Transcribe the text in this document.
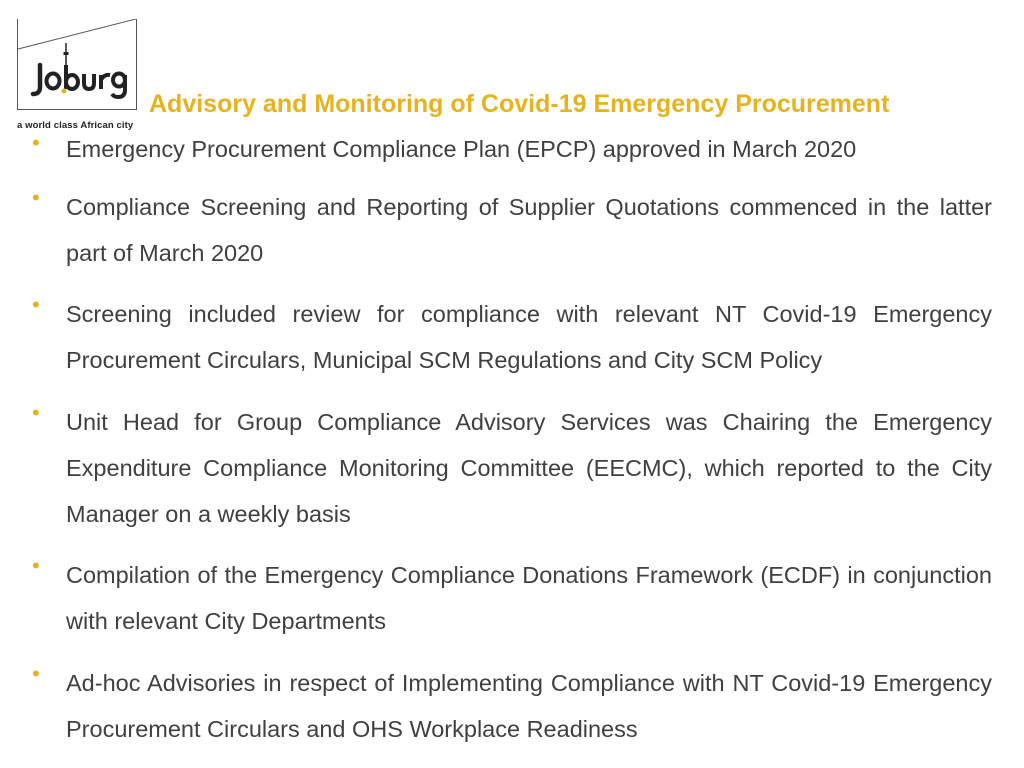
a world class African city
Advisory and Monitoring of Covid-19 Emergency Procurement
• Emergency Procurement Compliance Plan (EPCP) approved in March 2020
• Compliance Screening and Reporting of Supplier Quotations commenced in the latter part of March 2020
• Screening included review for compliance with relevant NT Covid-19 Emergency Procurement Circulars, Municipal SCM Regulations and City SCM Policy
• Unit Head for Group Compliance Advisory Services was Chairing the Emergency Expenditure Compliance Monitoring Committee (EECMC), which reported to the City Manager on a weekly basis
• Compilation of the Emergency Compliance Donations Framework (ECDF) in conjunction with relevant City Departments
• Ad-hoc Advisories in respect of Implementing Compliance with NT Covid-19 Emergency Procurement Circulars and OHS Workplace Readiness
